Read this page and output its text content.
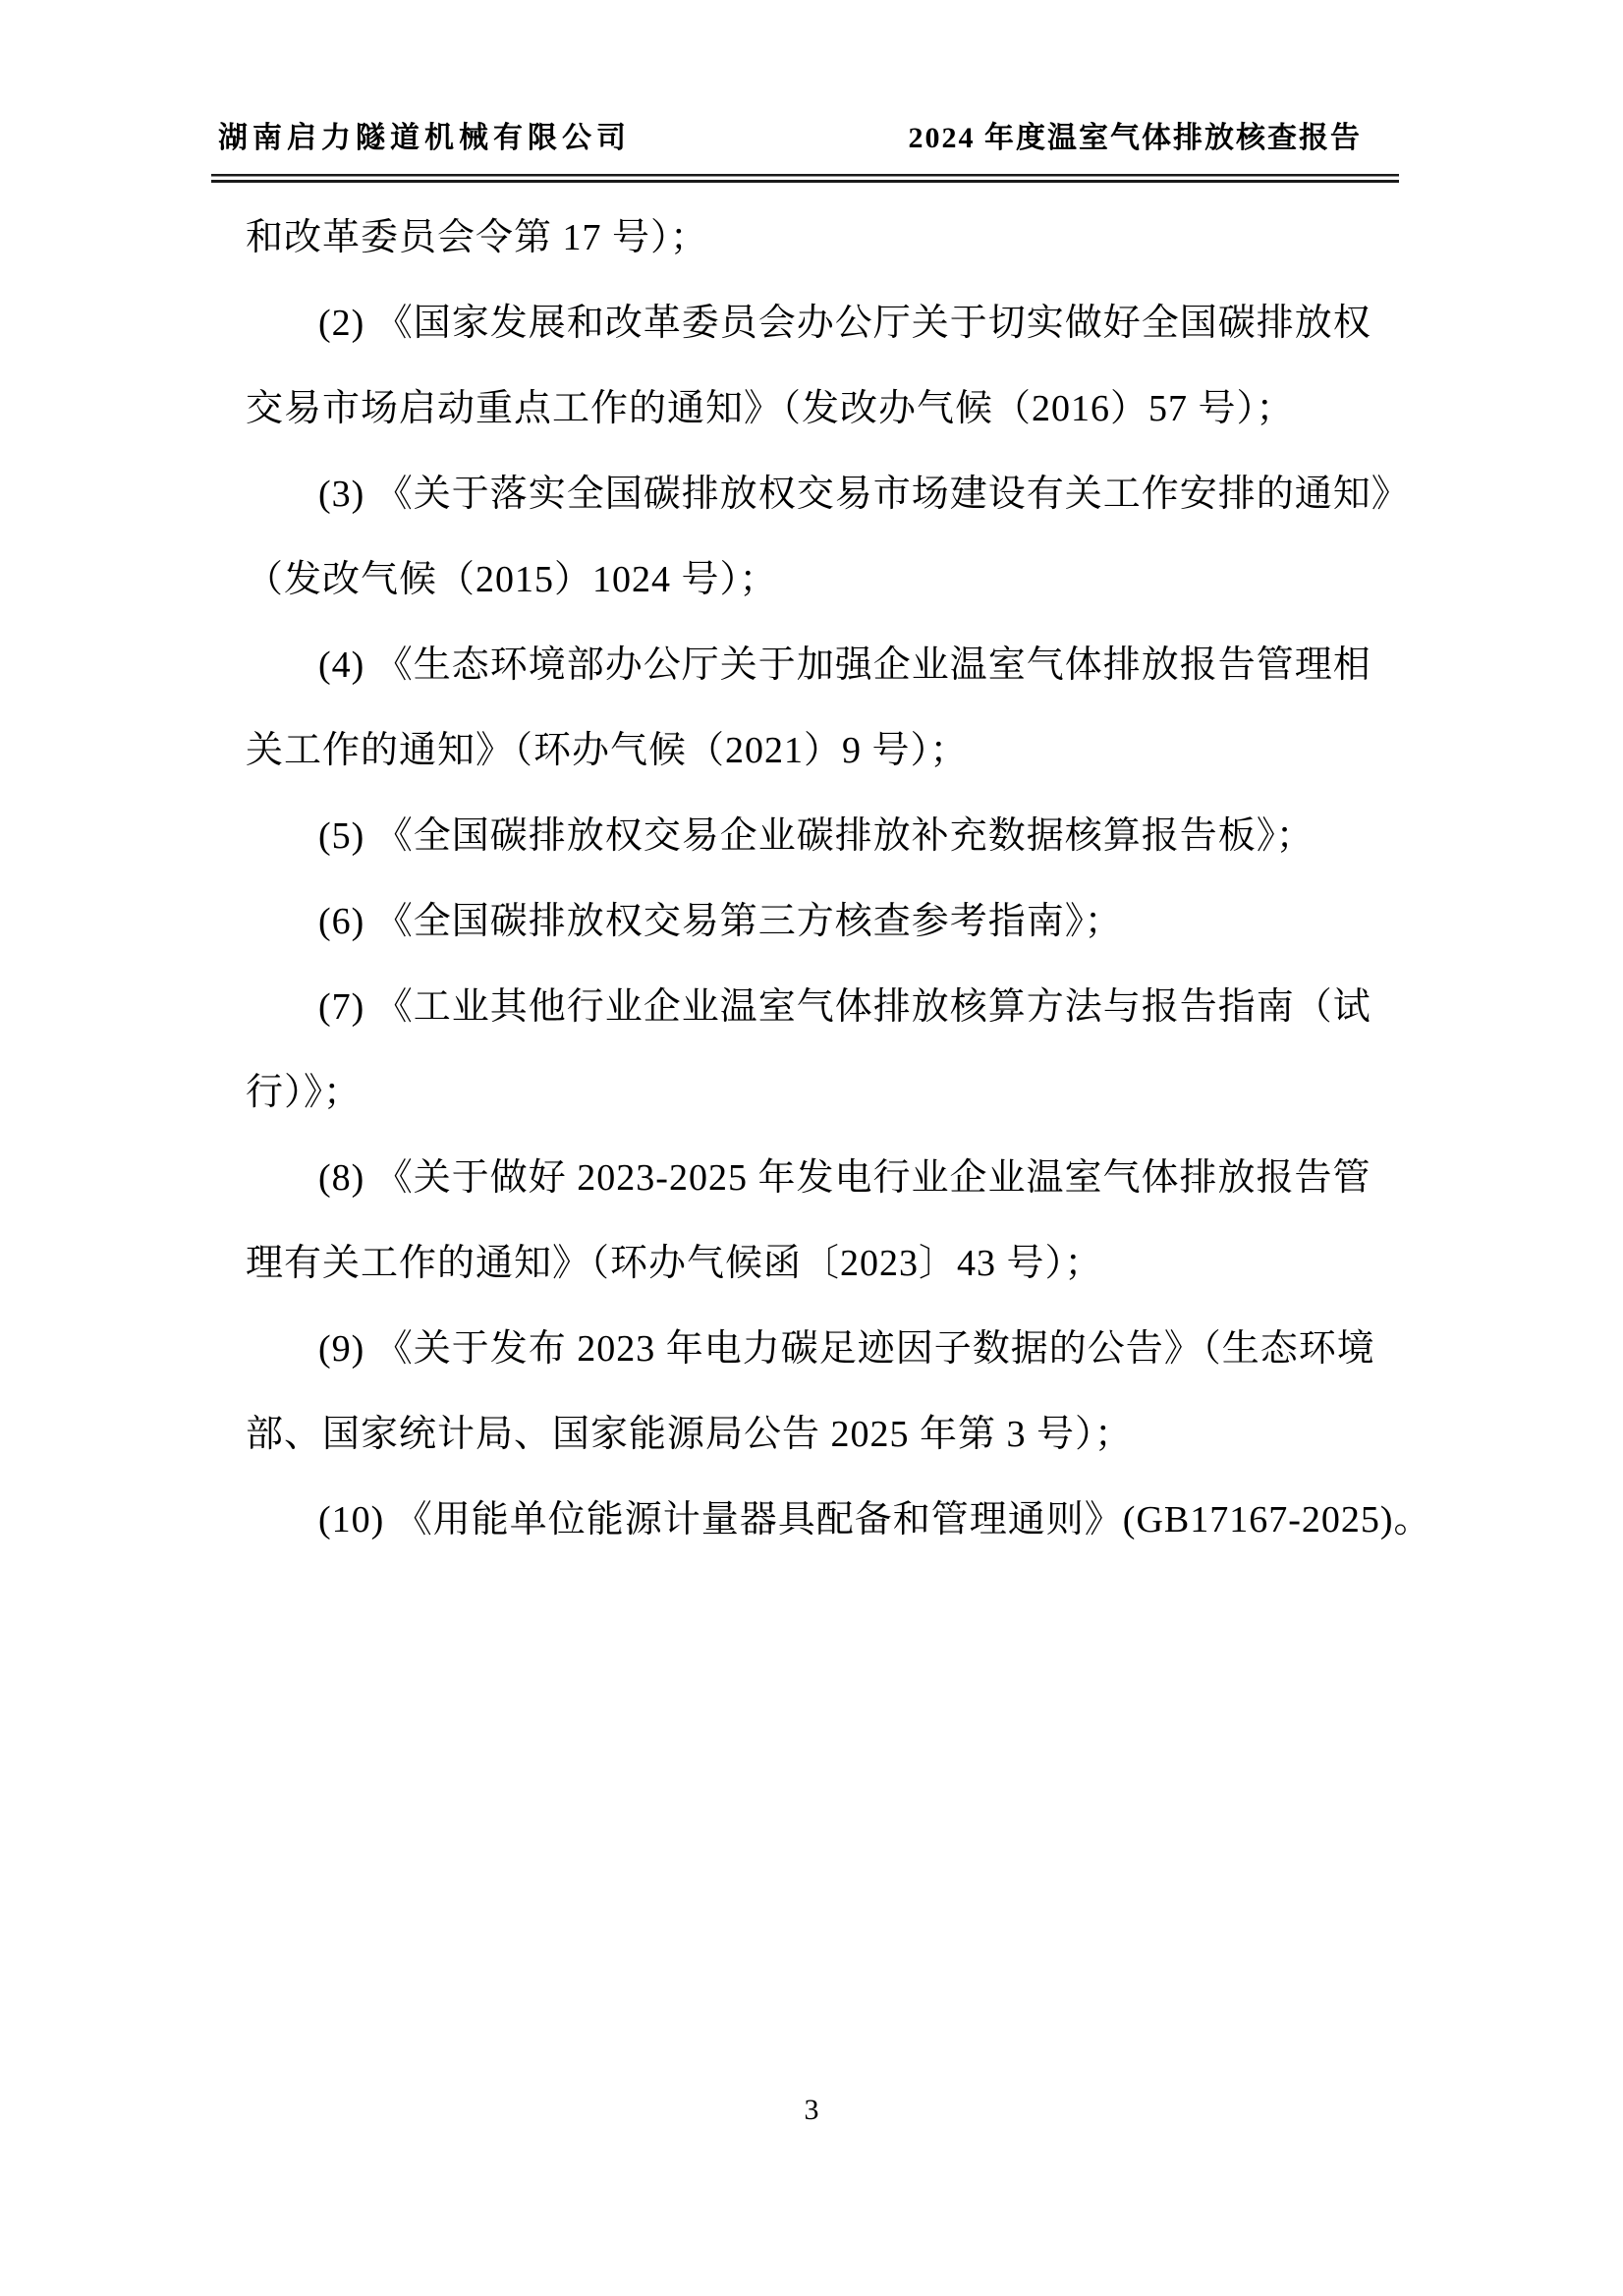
湖南启力隧道机械有限公司	2024 年度温室气体排放核查报告
和改革委员会令第 17 号）；
(2) 《国家发展和改革委员会办公厅关于切实做好全国碳排放权
交易市场启动重点工作的通知》（发改办气候（2016）57 号）；
(3) 《关于落实全国碳排放权交易市场建设有关工作安排的通知》
（发改气候（2015）1024 号）；
(4) 《生态环境部办公厅关于加强企业温室气体排放报告管理相
关工作的通知》（环办气候（2021）9 号）；
(5) 《全国碳排放权交易企业碳排放补充数据核算报告板》；
(6) 《全国碳排放权交易第三方核查参考指南》；
(7) 《工业其他行业企业温室气体排放核算方法与报告指南（试
行）》；
(8) 《关于做好 2023-2025 年发电行业企业温室气体排放报告管
理有关工作的通知》（环办气候函〔2023〕43 号）；
(9) 《关于发布 2023 年电力碳足迹因子数据的公告》（生态环境
部、国家统计局、国家能源局公告 2025 年第 3 号）；
(10) 《用能单位能源计量器具配备和管理通则》(GB17167-2025)。
3
